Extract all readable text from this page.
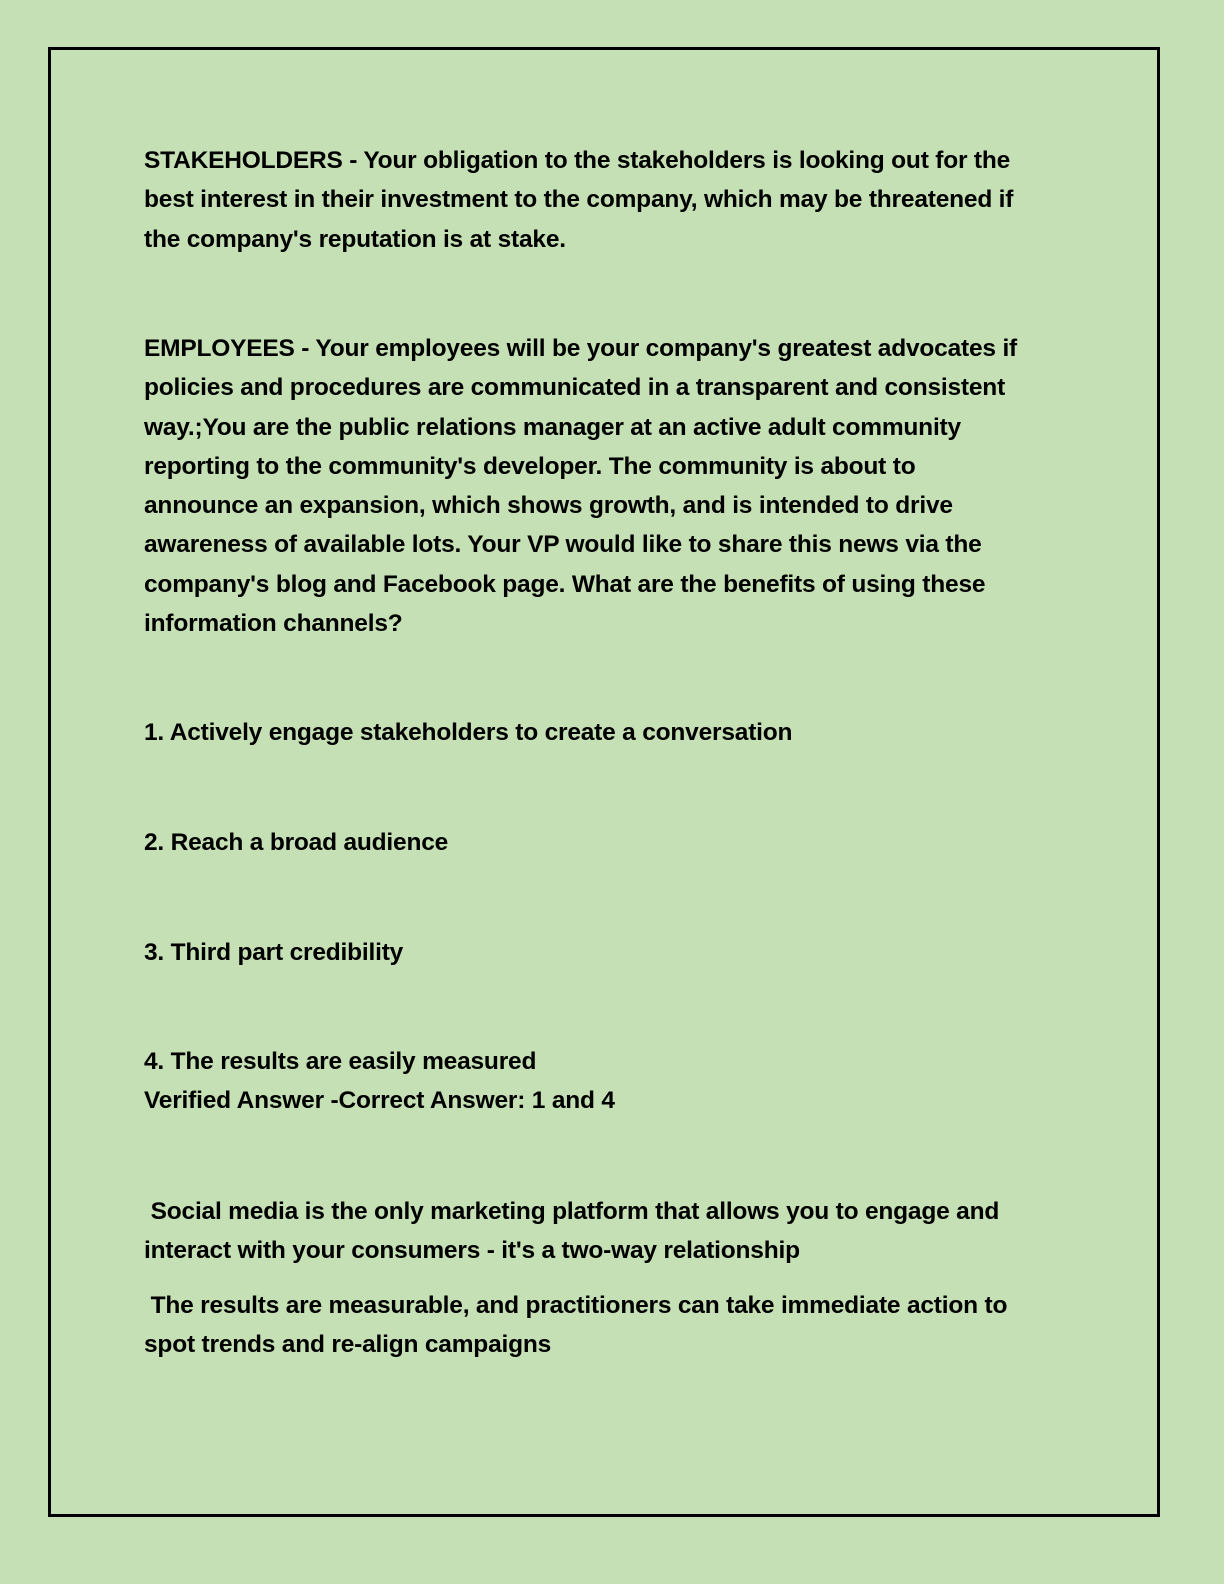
STAKEHOLDERS - Your obligation to the stakeholders is looking out for the
best interest in their investment to the company, which may be threatened if
the company's reputation is at stake.
EMPLOYEES - Your employees will be your company's greatest advocates if
policies and procedures are communicated in a transparent and consistent
way.;You are the public relations manager at an active adult community
reporting to the community's developer. The community is about to
announce an expansion, which shows growth, and is intended to drive
awareness of available lots. Your VP would like to share this news via the
company's blog and Facebook page. What are the benefits of using these
information channels?
1. Actively engage stakeholders to create a conversation
2. Reach a broad audience
3. Third part credibility
4. The results are easily measured
Verified Answer -Correct Answer: 1 and 4
Social media is the only marketing platform that allows you to engage and
interact with your consumers - it's a two-way relationship
The results are measurable, and practitioners can take immediate action to
spot trends and re-align campaigns
